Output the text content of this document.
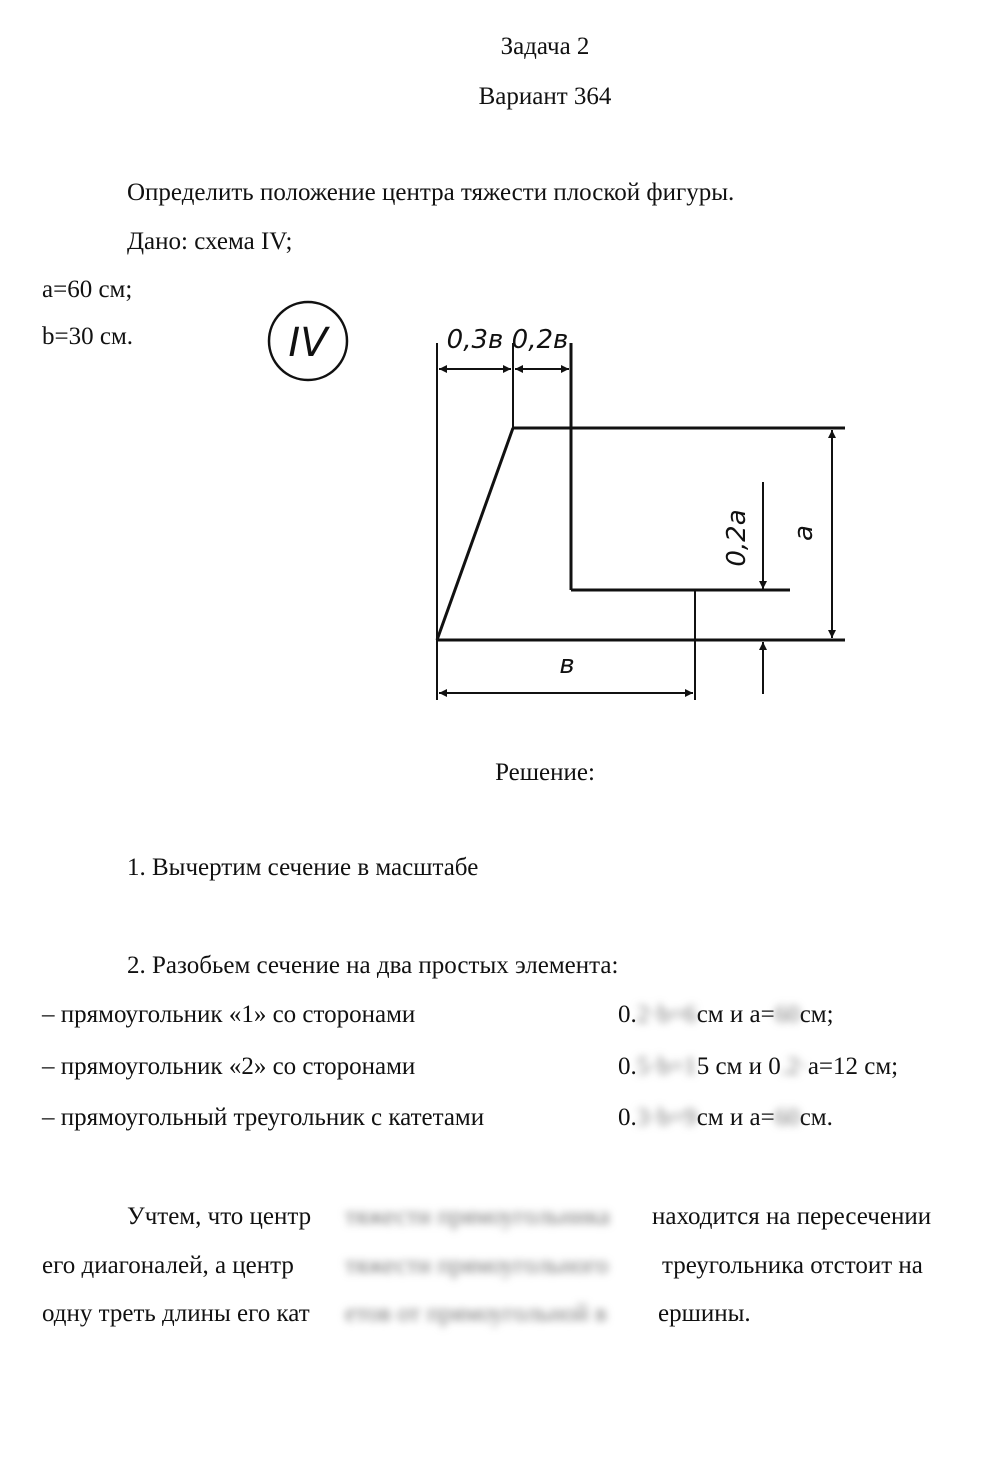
Задача 2
Вариант 364
Определить положение центра тяжести плоской фигуры.
Дано: схема IV;
a=60 см;
b=30 см.	IV	0,3в 0,2в
0,2а а
в
Решение:
1. Вычертим сечение в масштабе
2. Разобьем сечение на два простых элемента:
– прямоугольник «1» со сторонами	0.2·b=6см и а=60см;
– прямоугольник «2» со сторонами	0.5·b=15 см и 0.2·а=12 см;
– прямоугольный треугольник с катетами	0.3·b=9см и а=60см.
Учтем, что центр тяжести прямоугольника находится на пересечении
его диагоналей, а центр тяжести прямоугольного треугольника отстоит на
одну треть длины его кат етов от прямоугольной в ершины.
